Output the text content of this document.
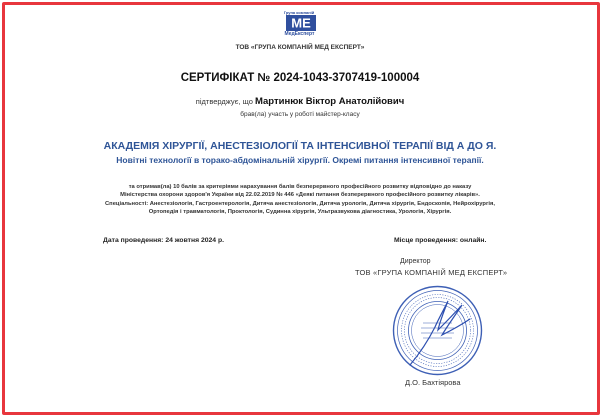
Група компаній
МЕ
МедЕксперт
ТОВ «ГРУПА КОМПАНІЙ МЕД ЕКСПЕРТ»
СЕРТИФІКАТ № 2024-1043-3707419-100004
підтверджує, що Мартинюк Віктор Анатолійович
брав(ла) участь у роботі майстер-класу
АКАДЕМІЯ ХІРУРГІЇ, АНЕСТЕЗІОЛОГІЇ ТА ІНТЕНСИВНОЇ ТЕРАПІЇ ВІД А ДО Я.
Новітні технології в торако-абдомінальній хірургії. Окремі питання інтенсивної терапії.
та отримав(ла) 10 балів за критеріями нарахування балів безперервного професійного розвитку відповідно до наказу
Міністерства охорони здоров'я України від 22.02.2019 № 446 «Деякі питання безперервного професійного розвитку лікарів».
Спеціальності: Анестезіологія, Гастроентерологія, Дитяча анестезіологія, Дитяча урологія, Дитяча хірургія, Ендоскопія, Нейрохірургія,
Ортопедія і травматологія, Проктологія, Судинна хірургія, Ультразвукова діагностика, Урологія, Хірургія.
Дата проведення: 24 жовтня 2024 р.	Місце проведення: онлайн.
Директор
ТОВ «ГРУПА КОМПАНІЙ МЕД ЕКСПЕРТ»
Д.О. Бахтіярова
